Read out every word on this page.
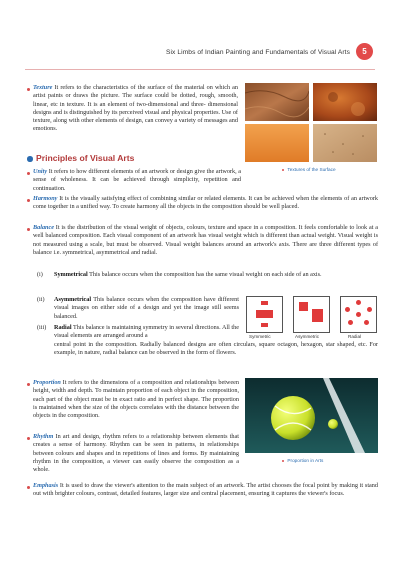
Six Limbs of Indian Painting and Fundamentals of Visual Arts	5
Texture It refers to the characteristics of the surface of the material on which an artist paints or draws the picture. The surface could be dotted, rough, smooth, linear, etc in texture. It is an element of two-dimensional and three- dimensional designs and is distinguished by its perceived visual and physical properties. Use of texture, along with other elements of design, can convey a variety of messages and emotions.
Textures of the Surface
Principles of Visual Arts
Unity It refers to how different elements of an artwork or design give the artwork, a sense of wholeness. It can be achieved through simplicity, repetition and continuation.
Harmony It is the visually satisfying effect of combining similar or related elements. It can be achieved when the elements of an artwork come together in a unified way. To create harmony all the objects in the composition should be well placed.
Balance It is the distribution of the visual weight of objects, colours, texture and space in a composition. It feels comfortable to look at a well balanced composition. Each visual component of an artwork has visual weight which is different than actual weight. Visual weight is not measured using a scale, but must be observed. Visual weight balances around an artwork's axis. There are three different types of balance i.e. symmetrical, asymmetrical and radial.
(i) Symmetrical This balance occurs when the composition has the same visual weight on each side of an axis.
(ii) Asymmetrical This balance occurs when the composition have different visual images on either side of a design and yet the image still seems balanced.
(iii) Radial This balance is maintaining symmetry in several directions. All the visual elements are arranged around a
central point in the composition. Radially balanced designs are often circulars, square octagon, hexagon, star shaped, etc. For example, in nature, radial balance can be observed in the form of flowers.
Symmetric	Asymmetric	Radial
Proportion It refers to the dimensions of a composition and relationships between height, width and depth. To maintain proportion of each object in the composition, each part of the object must be in exact ratio and in perfect shape. The proportion is maintained when the size of the objects correlates with the distance between the objects in the composition.
Proportion in Arts
Rhythm In art and design, rhythm refers to a relationship between elements that creates a sense of harmony. Rhythm can be seen in patterns, in relationships between colours and shapes and in repetitions of lines and forms. By maintaining rhythm in the composition, a viewer can easily observe the composition as a whole.
Emphasis It is used to draw the viewer's attention to the main subject of an artwork. The artist chooses the focal point by making it stand out with brighter colours, contrast, detailed features, larger size and central placement, ensuring it captures the viewer's focus.
